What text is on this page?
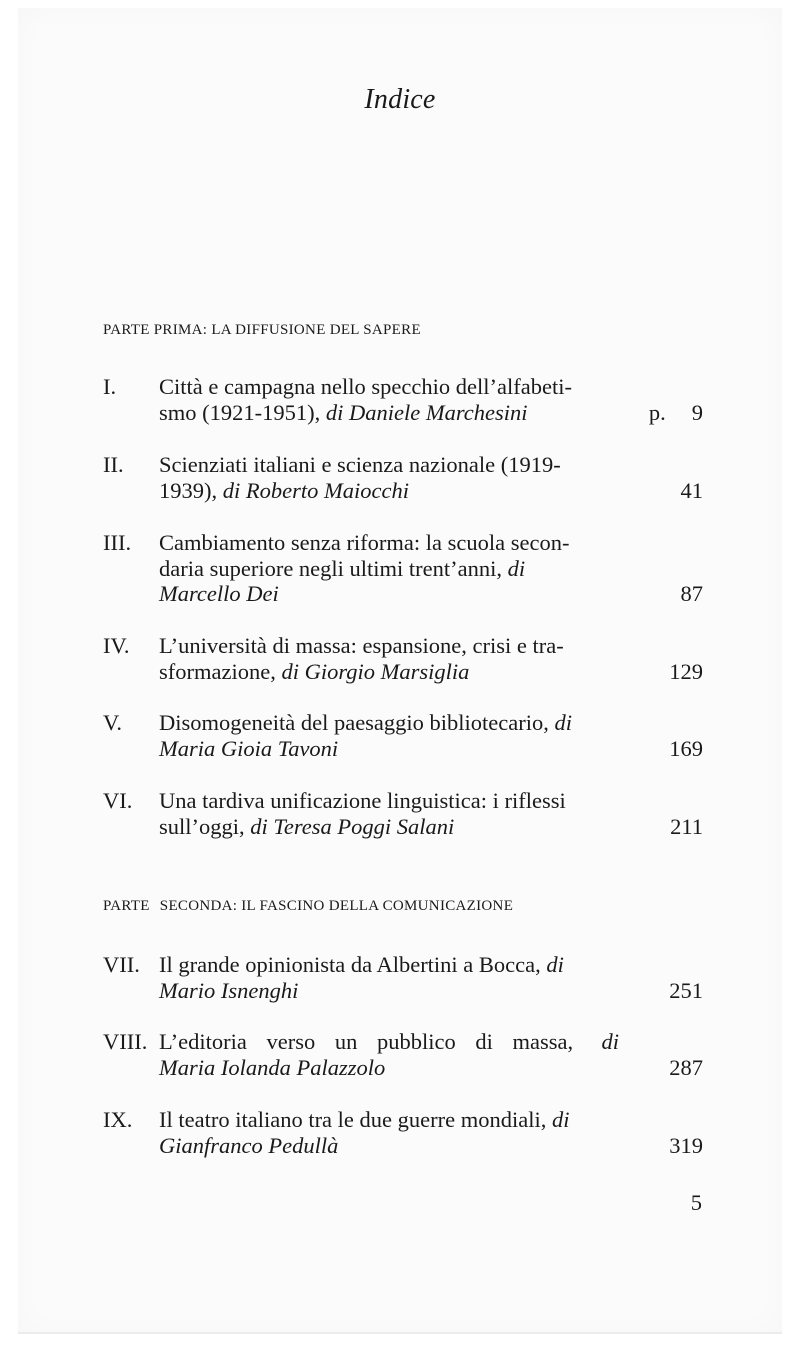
Indice
PARTE PRIMA: LA DIFFUSIONE DEL SAPERE
I.	Città e campagna nello specchio dell’alfabeti-
smo (1921-1951), di Daniele Marchesini	p. 9
II.	Scienziati italiani e scienza nazionale (1919-
1939), di Roberto Maiocchi	41
III.	Cambiamento senza riforma: la scuola secon-
daria superiore negli ultimi trent’anni, di
Marcello Dei	87
IV.	L’università di massa: espansione, crisi e tra-
sformazione, di Giorgio Marsiglia	129
V.	Disomogeneità del paesaggio bibliotecario, di
Maria Gioia Tavoni	169
VI.	Una tardiva unificazione linguistica: i riflessi
sull’oggi, di Teresa Poggi Salani	211
PARTE SECONDA: IL FASCINO DELLA COMUNICAZIONE
VII. Il grande opinionista da Albertini a Bocca, di
Mario Isnenghi	251
VIII. L’editoria verso un pubblico di massa, di
Maria Iolanda Palazzolo	287
IX.	Il teatro italiano tra le due guerre mondiali, di
Gianfranco Pedullà	319
5
